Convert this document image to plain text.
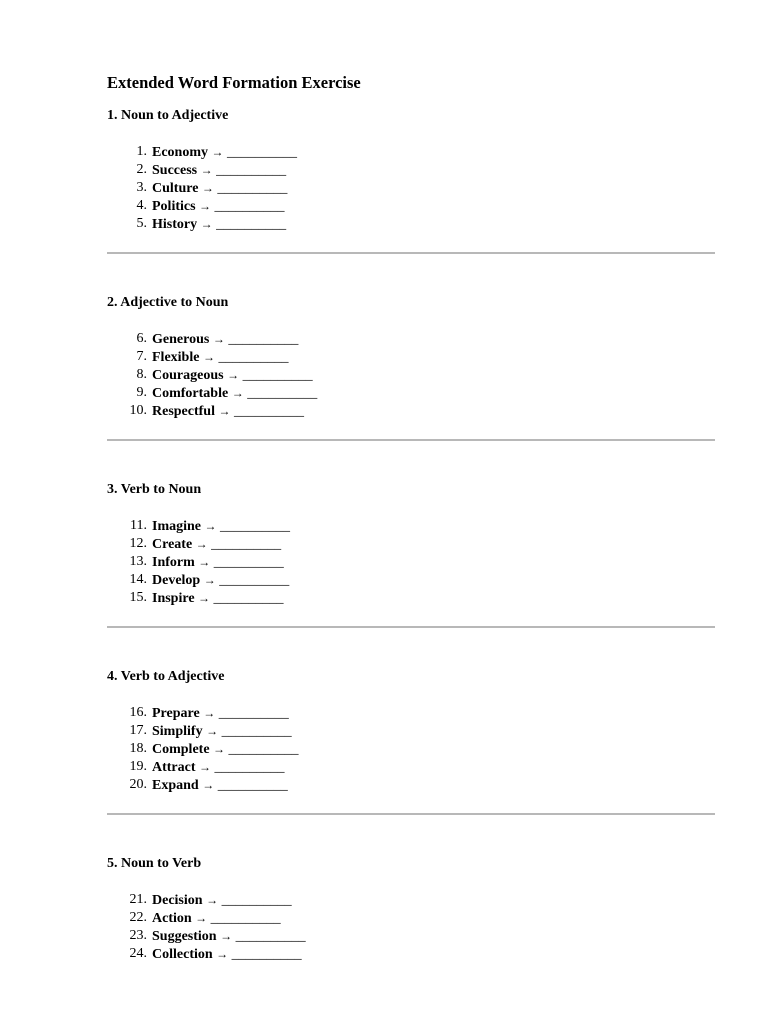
Extended Word Formation Exercise
1. Noun to Adjective
1. Economy → __________
2. Success → __________
3. Culture → __________
4. Politics → __________
5. History → __________
2. Adjective to Noun
6. Generous → __________
7. Flexible → __________
8. Courageous → __________
9. Comfortable → __________
10. Respectful → __________
3. Verb to Noun
11. Imagine → __________
12. Create → __________
13. Inform → __________
14. Develop → __________
15. Inspire → __________
4. Verb to Adjective
16. Prepare → __________
17. Simplify → __________
18. Complete → __________
19. Attract → __________
20. Expand → __________
5. Noun to Verb
21. Decision → __________
22. Action → __________
23. Suggestion → __________
24. Collection → __________
